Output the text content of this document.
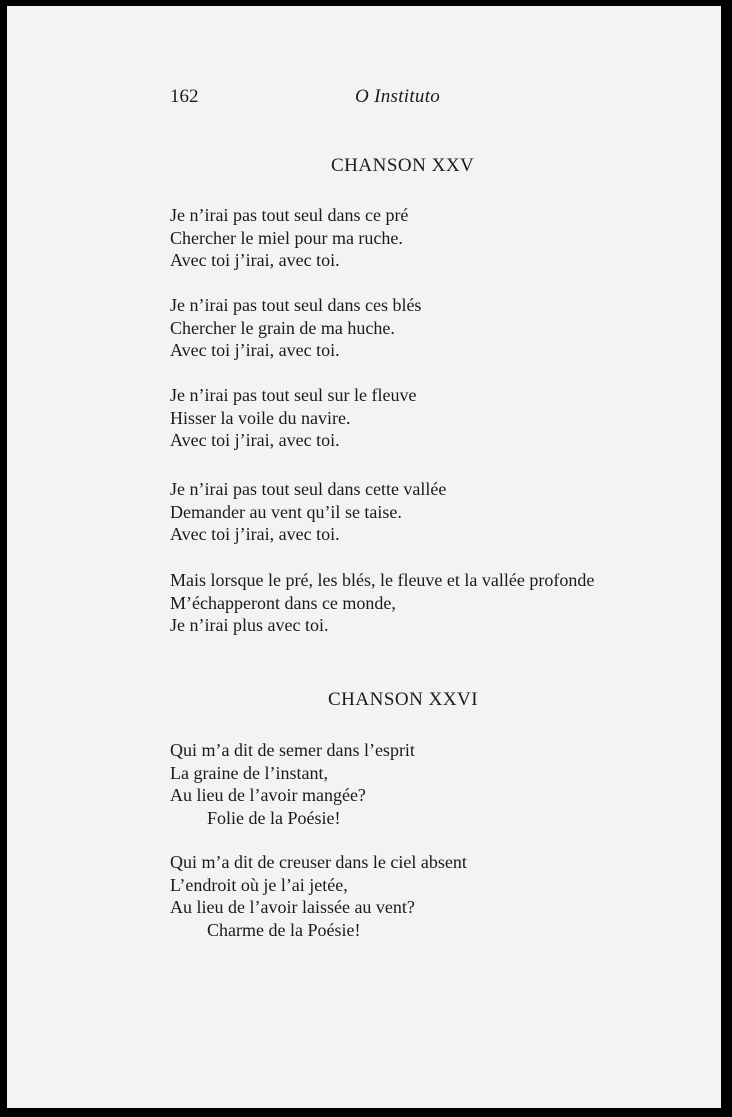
162	O Instituto
CHANSON XXV
Je n’irai pas tout seul dans ce pré
Chercher le miel pour ma ruche.
Avec toi j’irai, avec toi.
Je n’irai pas tout seul dans ces blés
Chercher le grain de ma huche.
Avec toi j’irai, avec toi.
Je n’irai pas tout seul sur le fleuve
Hisser la voile du navire.
Avec toi j’irai, avec toi.
Je n’irai pas tout seul dans cette vallée
Demander au vent qu’il se taise.
Avec toi j’irai, avec toi.
Mais lorsque le pré, les blés, le fleuve et la vallée profonde
M’échapperont dans ce monde,
Je n’irai plus avec toi.
CHANSON XXVI
Qui m’a dit de semer dans l’esprit
La graine de l’instant,
Au lieu de l’avoir mangée?
Folie de la Poésie!
Qui m’a dit de creuser dans le ciel absent
L’endroit où je l’ai jetée,
Au lieu de l’avoir laissée au vent?
Charme de la Poésie!
